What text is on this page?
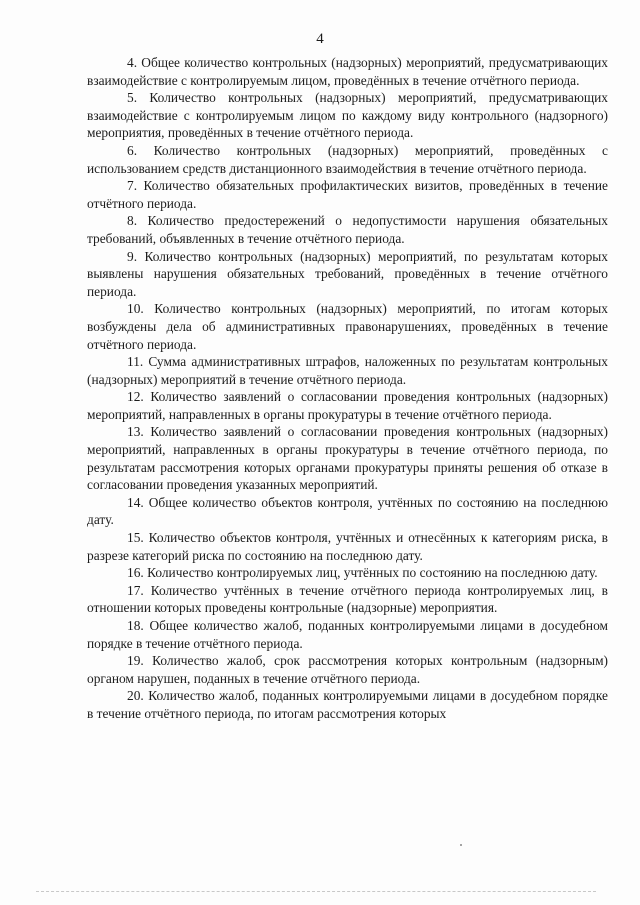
4

4. Общее количество контрольных (надзорных) мероприятий, предусматривающих взаимодействие с контролируемым лицом, проведённых в течение отчётного периода.

5. Количество контрольных (надзорных) мероприятий, предусматривающих взаимодействие с контролируемым лицом по каждому виду контрольного (надзорного) мероприятия, проведённых в течение отчётного периода.

6. Количество контрольных (надзорных) мероприятий, проведённых с использованием средств дистанционного взаимодействия в течение отчётного периода.

7. Количество обязательных профилактических визитов, проведённых в течение отчётного периода.

8. Количество предостережений о недопустимости нарушения обязательных требований, объявленных в течение отчётного периода.

9. Количество контрольных (надзорных) мероприятий, по результатам которых выявлены нарушения обязательных требований, проведённых в течение отчётного периода.

10. Количество контрольных (надзорных) мероприятий, по итогам которых возбуждены дела об административных правонарушениях, проведённых в течение отчётного периода.

11. Сумма административных штрафов, наложенных по результатам контрольных (надзорных) мероприятий в течение отчётного периода.

12. Количество заявлений о согласовании проведения контрольных (надзорных) мероприятий, направленных в органы прокуратуры в течение отчётного периода.

13. Количество заявлений о согласовании проведения контрольных (надзорных) мероприятий, направленных в органы прокуратуры в течение отчётного периода, по результатам рассмотрения которых органами прокуратуры приняты решения об отказе в согласовании проведения указанных мероприятий.

14. Общее количество объектов контроля, учтённых по состоянию на последнюю дату.

15. Количество объектов контроля, учтённых и отнесённых к категориям риска, в разрезе категорий риска по состоянию на последнюю дату.

16. Количество контролируемых лиц, учтённых по состоянию на последнюю дату.

17. Количество учтённых в течение отчётного периода контролируемых лиц, в отношении которых проведены контрольные (надзорные) мероприятия.

18. Общее количество жалоб, поданных контролируемыми лицами в досудебном порядке в течение отчётного периода.

19. Количество жалоб, срок рассмотрения которых контрольным (надзорным) органом нарушен, поданных в течение отчётного периода.

20. Количество жалоб, поданных контролируемыми лицами в досудебном порядке в течение отчётного периода, по итогам рассмотрения которых
